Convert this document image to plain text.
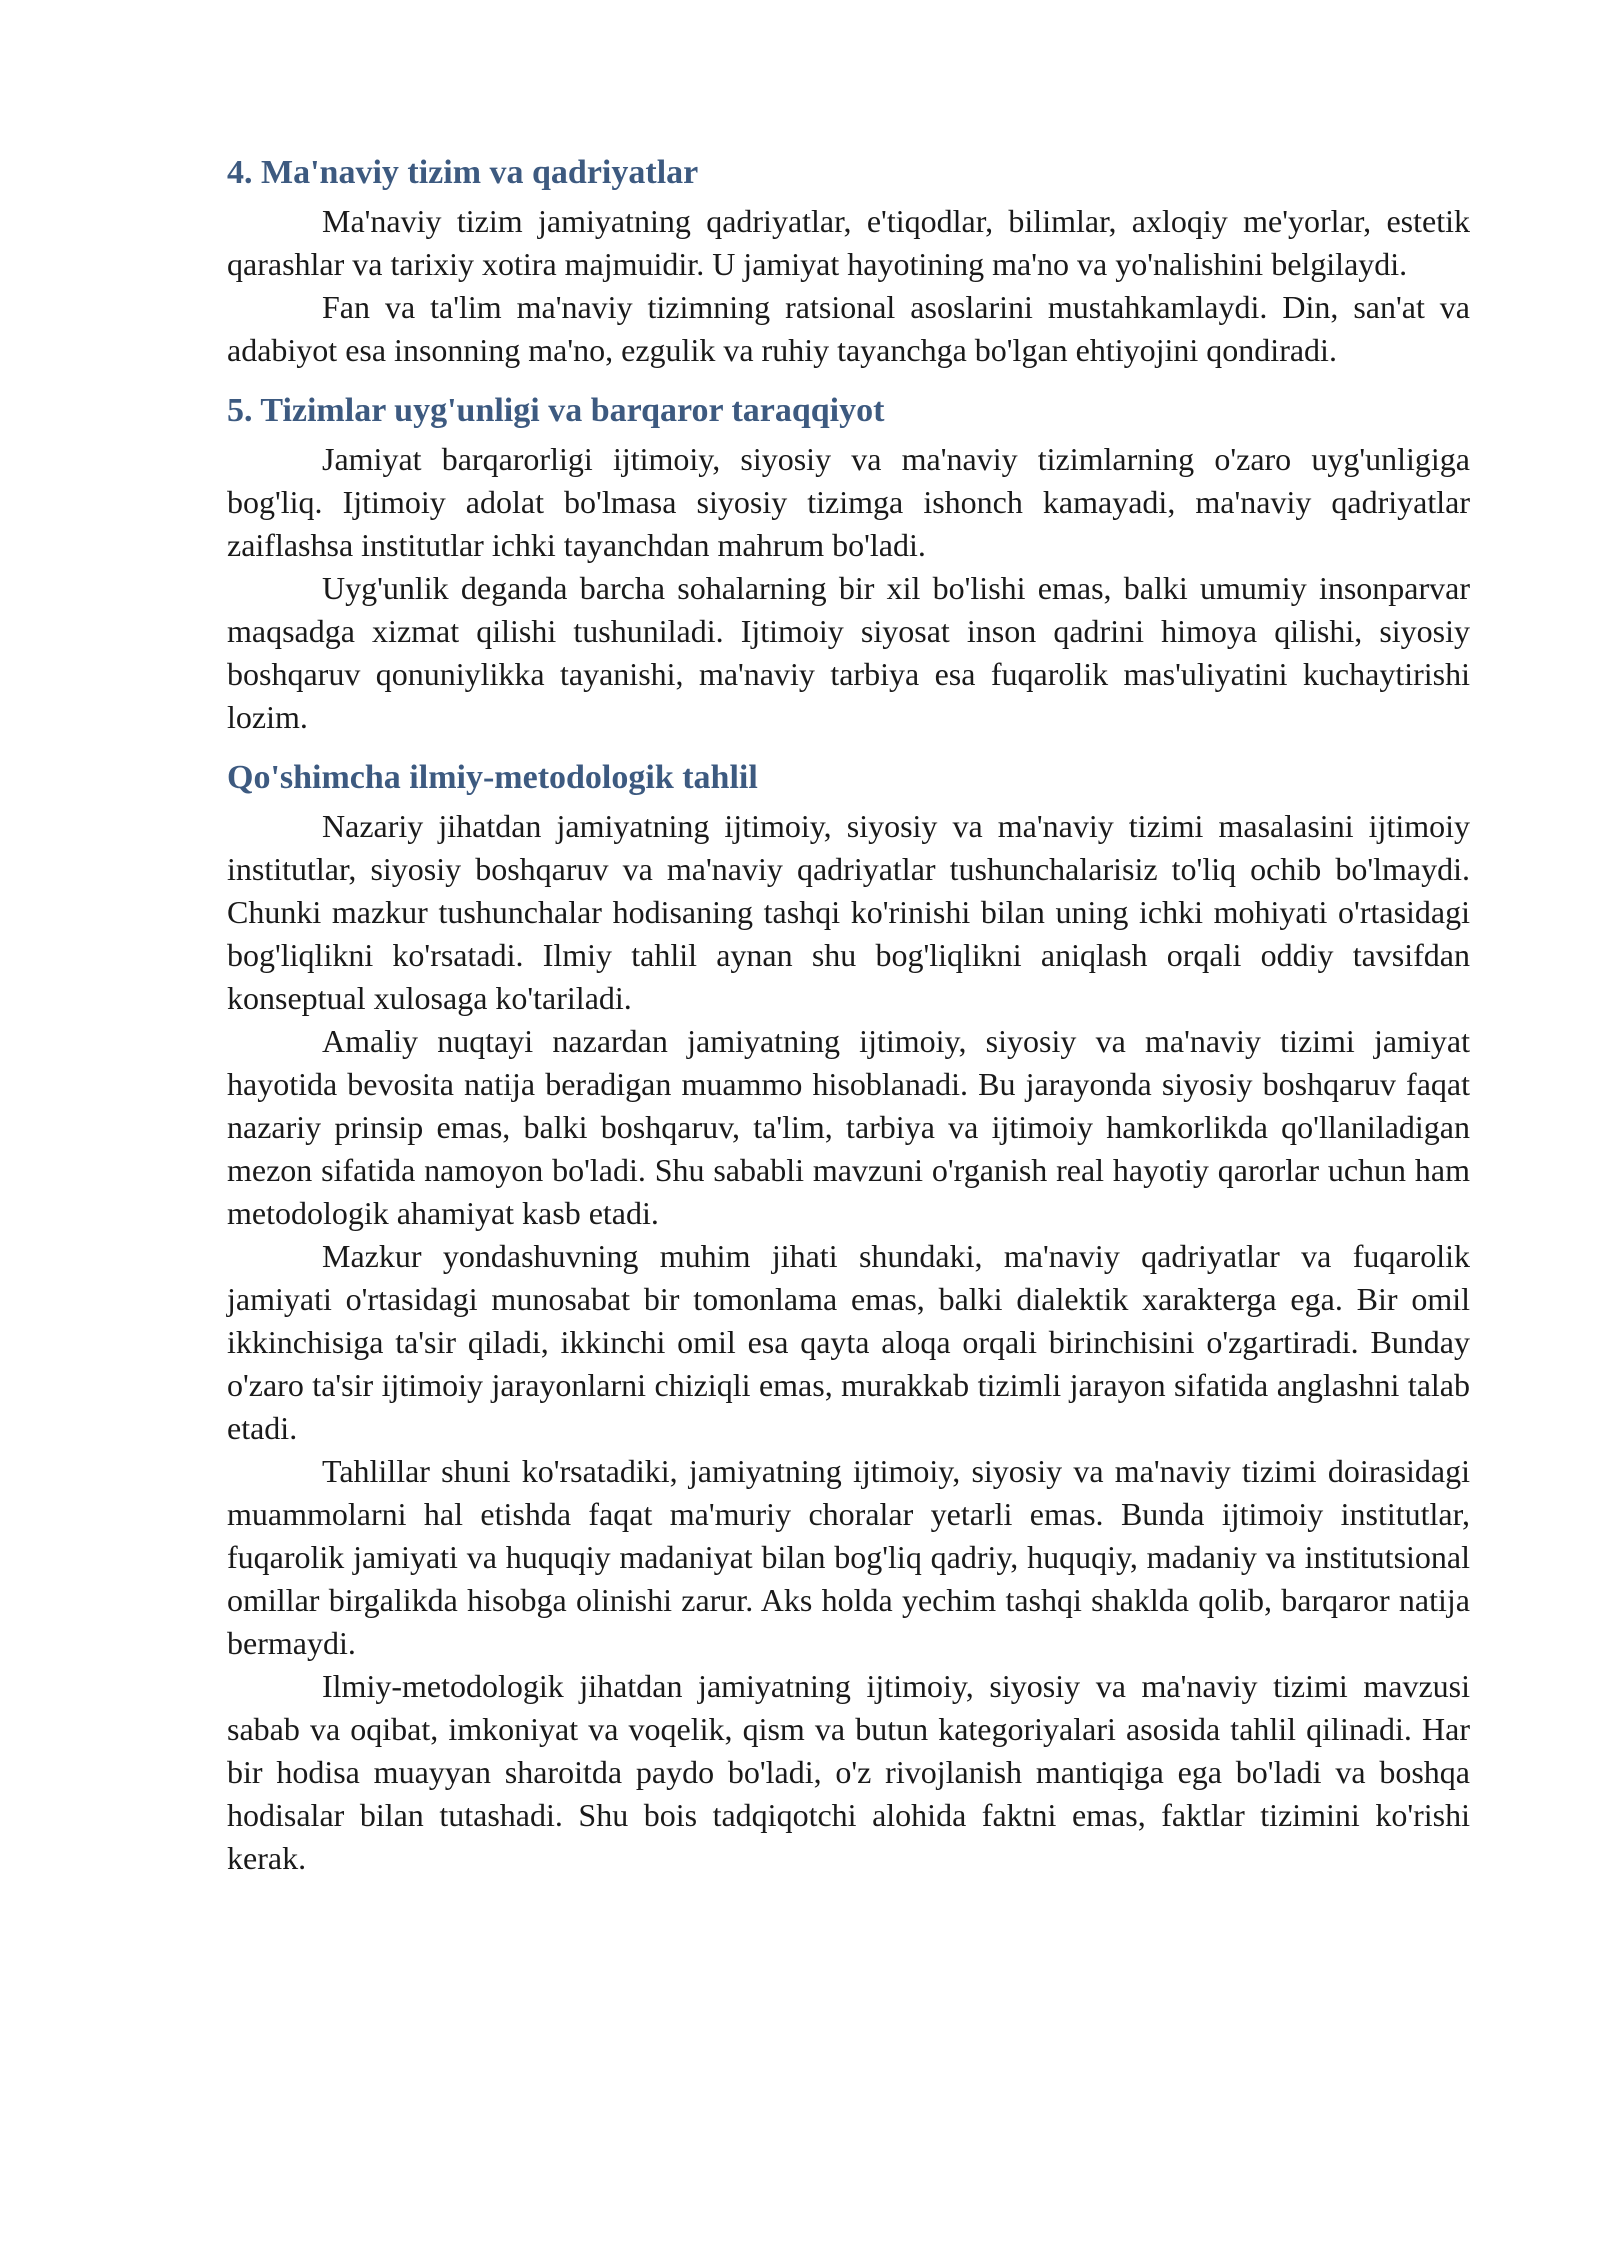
4. Ma'naviy tizim va qadriyatlar

Ma'naviy tizim jamiyatning qadriyatlar, e'tiqodlar, bilimlar, axloqiy me'yorlar, estetik qarashlar va tarixiy xotira majmuidir. U jamiyat hayotining ma'no va yo'nalishini belgilaydi.

Fan va ta'lim ma'naviy tizimning ratsional asoslarini mustahkamlaydi. Din, san'at va adabiyot esa insonning ma'no, ezgulik va ruhiy tayanchga bo'lgan ehtiyojini qondiradi.

5. Tizimlar uyg'unligi va barqaror taraqqiyot

Jamiyat barqarorligi ijtimoiy, siyosiy va ma'naviy tizimlarning o'zaro uyg'unligiga bog'liq. Ijtimoiy adolat bo'lmasa siyosiy tizimga ishonch kamayadi, ma'naviy qadriyatlar zaiflashsa institutlar ichki tayanchdan mahrum bo'ladi.

Uyg'unlik deganda barcha sohalarning bir xil bo'lishi emas, balki umumiy insonparvar maqsadga xizmat qilishi tushuniladi. Ijtimoiy siyosat inson qadrini himoya qilishi, siyosiy boshqaruv qonuniylikka tayanishi, ma'naviy tarbiya esa fuqarolik mas'uliyatini kuchaytirishi lozim.

Qo'shimcha ilmiy-metodologik tahlil

Nazariy jihatdan jamiyatning ijtimoiy, siyosiy va ma'naviy tizimi masalasini ijtimoiy institutlar, siyosiy boshqaruv va ma'naviy qadriyatlar tushunchalarisiz to'liq ochib bo'lmaydi. Chunki mazkur tushunchalar hodisaning tashqi ko'rinishi bilan uning ichki mohiyati o'rtasidagi bog'liqlikni ko'rsatadi. Ilmiy tahlil aynan shu bog'liqlikni aniqlash orqali oddiy tavsifdan konseptual xulosaga ko'tariladi.

Amaliy nuqtayi nazardan jamiyatning ijtimoiy, siyosiy va ma'naviy tizimi jamiyat hayotida bevosita natija beradigan muammo hisoblanadi. Bu jarayonda siyosiy boshqaruv faqat nazariy prinsip emas, balki boshqaruv, ta'lim, tarbiya va ijtimoiy hamkorlikda qo'llaniladigan mezon sifatida namoyon bo'ladi. Shu sababli mavzuni o'rganish real hayotiy qarorlar uchun ham metodologik ahamiyat kasb etadi.

Mazkur yondashuvning muhim jihati shundaki, ma'naviy qadriyatlar va fuqarolik jamiyati o'rtasidagi munosabat bir tomonlama emas, balki dialektik xarakterga ega. Bir omil ikkinchisiga ta'sir qiladi, ikkinchi omil esa qayta aloqa orqali birinchisini o'zgartiradi. Bunday o'zaro ta'sir ijtimoiy jarayonlarni chiziqli emas, murakkab tizimli jarayon sifatida anglashni talab etadi.

Tahlillar shuni ko'rsatadiki, jamiyatning ijtimoiy, siyosiy va ma'naviy tizimi doirasidagi muammolarni hal etishda faqat ma'muriy choralar yetarli emas. Bunda ijtimoiy institutlar, fuqarolik jamiyati va huquqiy madaniyat bilan bog'liq qadriy, huquqiy, madaniy va institutsional omillar birgalikda hisobga olinishi zarur. Aks holda yechim tashqi shakldа qolib, barqaror natija bermaydi.

Ilmiy-metodologik jihatdan jamiyatning ijtimoiy, siyosiy va ma'naviy tizimi mavzusi sabab va oqibat, imkoniyat va voqelik, qism va butun kategoriyalari asosida tahlil qilinadi. Har bir hodisa muayyan sharoitda paydo bo'ladi, o'z rivojlanish mantiqiga ega bo'ladi va boshqa hodisalar bilan tutashadi. Shu bois tadqiqotchi alohida faktni emas, faktlar tizimini ko'rishi kerak.
